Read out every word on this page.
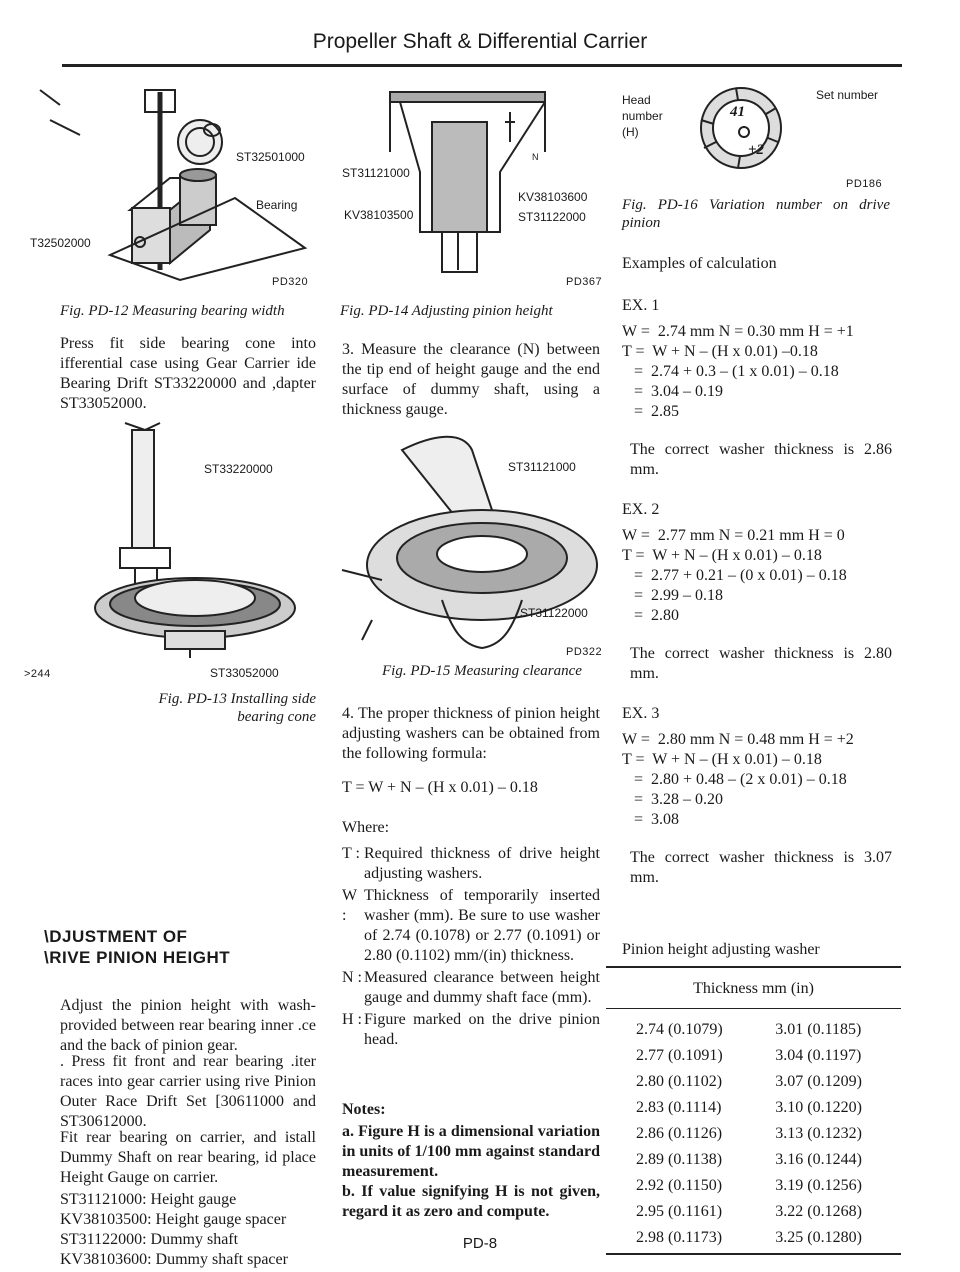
Propeller Shaft & Differential Carrier
ST32501000
Bearing
T32502000
PD320
Fig. PD-12 Measuring bearing width
Press fit side bearing cone into ifferential case using Gear Carrier ide Bearing Drift ST33220000 and ,dapter ST33052000.
ST33220000
ST33052000
>244
Fig. PD-13 Installing side bearing cone
\DJUSTMENT OF
\RIVE PINION HEIGHT
Adjust the pinion height with wash- provided between rear bearing inner .ce and the back of pinion gear.
. Press fit front and rear bearing .iter races into gear carrier using rive Pinion Outer Race Drift Set [30611000 and ST30612000.
Fit rear bearing on carrier, and istall Dummy Shaft on rear bearing, id place Height Gauge on carrier.
ST31121000: Height gauge
KV38103500: Height gauge spacer
ST31122000: Dummy shaft
KV38103600: Dummy shaft spacer
ST31121000
KV38103500
KV38103600
ST31122000
N
PD367
Fig. PD-14 Adjusting pinion height
3. Measure the clearance (N) between the tip end of height gauge and the end surface of dummy shaft, using a thickness gauge.
ST31121000
ST31122000
PD322
Fig. PD-15 Measuring clearance
4. The proper thickness of pinion height adjusting washers can be obtained from the following formula:
T = W + N – (H x 0.01) – 0.18
Where:
T : Required thickness of drive height adjusting washers.
W :
Thickness of temporarily inserted washer (mm). Be sure to use washer of 2.74 (0.1078) or 2.77 (0.1091) or 2.80 (0.1102) mm/(in) thickness.
N : Measured clearance between height gauge and dummy shaft face (mm).
H : Figure marked on the drive pinion head.
Notes:
a. Figure H is a dimensional variation in units of 1/100 mm against standard measurement.
b. If value signifying H is not given, regard it as zero and compute.
Head number (H)
Set number
41
+2
PD186
Fig. PD-16 Variation number on drive pinion
Examples of calculation
EX. 1
W =  2.74 mm N = 0.30 mm H = +1
T =  W + N – (H x 0.01) –0.18
=  2.74 + 0.3 – (1 x 0.01) – 0.18
=  3.04 – 0.19
=  2.85
The correct washer thickness is 2.86 mm.
EX. 2
W =  2.77 mm N = 0.21 mm H = 0
T =  W + N – (H x 0.01) – 0.18
=  2.77 + 0.21 – (0 x 0.01) – 0.18
=  2.99 – 0.18
=  2.80
The correct washer thickness is 2.80 mm.
EX. 3
W =  2.80 mm N = 0.48 mm H = +2
T =  W + N – (H x 0.01) – 0.18
=  2.80 + 0.48 – (2 x 0.01) – 0.18
=  3.28 – 0.20
=  3.08
The correct washer thickness is 3.07 mm.
Pinion height adjusting washer
Thickness mm (in)	
2.74 (0.1079)	3.01 (0.1185)
2.77 (0.1091)	3.04 (0.1197)
2.80 (0.1102)	3.07 (0.1209)
2.83 (0.1114)	3.10 (0.1220)
2.86 (0.1126)	3.13 (0.1232)
2.89 (0.1138)	3.16 (0.1244)
2.92 (0.1150)	3.19 (0.1256)
2.95 (0.1161)	3.22 (0.1268)
2.98 (0.1173)	3.25 (0.1280)
PD-8
